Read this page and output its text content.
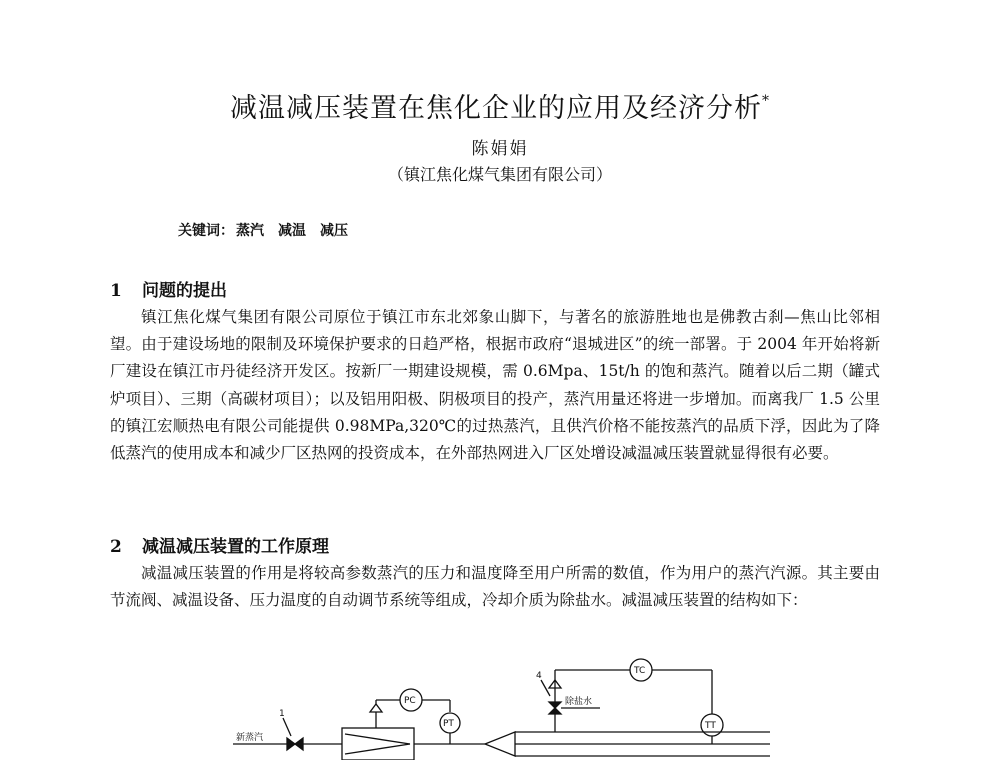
减温减压装置在焦化企业的应用及经济分析*
陈娟娟
（镇江焦化煤气集团有限公司）
关键词： 蒸汽 减温 减压
1 问题的提出

镇江焦化煤气集团有限公司原位于镇江市东北郊象山脚下，与著名的旅游胜地也是佛教古刹—焦山比邻相望。由于建设场地的限制及环境保护要求的日趋严格，根据市政府“退城进区”的统一部署。于 2004 年开始将新厂建设在镇江市丹徒经济开发区。按新厂一期建设规模，需 0.6Mpa、15t/h 的饱和蒸汽。随着以后二期（罐式炉项目）、三期（高碳材项目）；以及铝用阳极、阴极项目的投产，蒸汽用量还将进一步增加。而离我厂 1.5 公里的镇江宏顺热电有限公司能提供 0.98MPa,320℃的过热蒸汽，且供汽价格不能按蒸汽的品质下浮，因此为了降低蒸汽的使用成本和减少厂区热网的投资成本，在外部热网进入厂区处增设减温减压装置就显得很有必要。

2 减温减压装置的工作原理

减温减压装置的作用是将较高参数蒸汽的压力和温度降至用户所需的数值，作为用户的蒸汽汽源。其主要由节流阀、减温设备、压力温度的自动调节系统等组成，冷却介质为除盐水。减温减压装置的结构如下：

新蒸汽
除盐水
1
4
PC
PT
TC
TT
